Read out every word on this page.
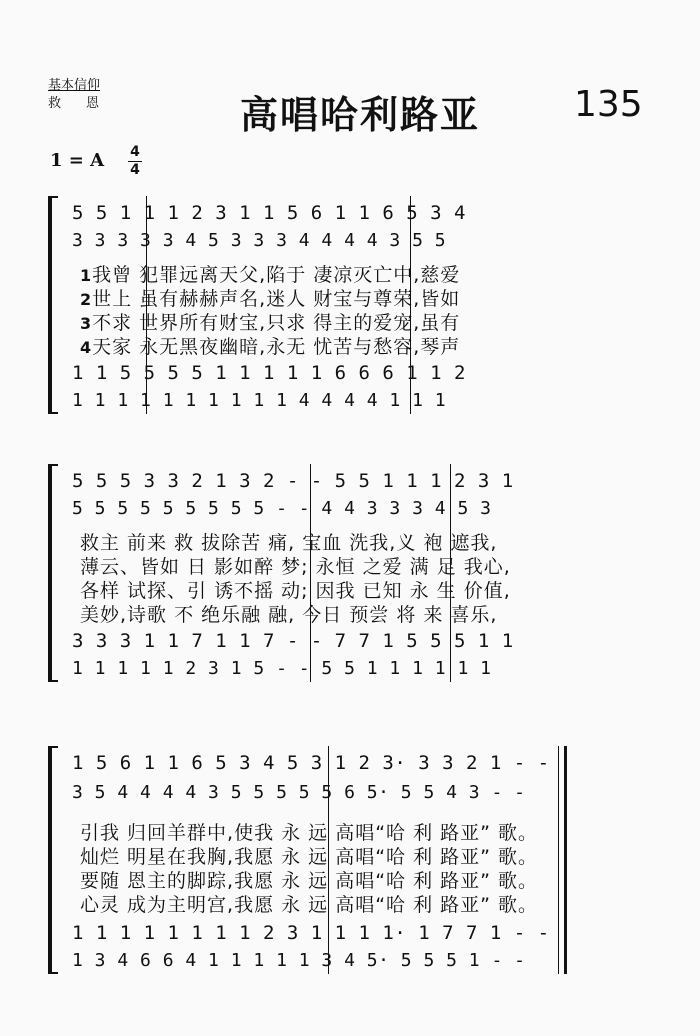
基本信仰
救　恩	高唱哈利路亚	135
1 = A 4
4
5 5 1 1 1 2 3 1 1 5 6 1 1 6 5 3 4
3 3 3 3 3 4 5 3 3 3 4 4 4 4 3 5 5
1我曾 犯罪远离天父,陷于 凄凉灭亡中,慈爱
2世上 虽有赫赫声名,迷人 财宝与尊荣,皆如
3不求 世界所有财宝,只求 得主的爱宠,虽有
4天家 永无黑夜幽暗,永无 忧苦与愁容,琴声
1 1 5 5 5 5 1 1 1 1 1 6 6 6 1 1 2
1 1 1 1 1 1 1 1 1 1 4 4 4 4 1 1 1
5 5 5 3 3 2 1 3 2 - - 5 5 1 1 1 2 3 1
5 5 5 5 5 5 5 5 5 - - 4 4 3 3 3 4 5 3
救主 前来 救 拔除苦 痛, 宝血 洗我,义 袍 遮我,
薄云、皆如 日 影如醉 梦; 永恒 之爱 满 足 我心,
各样 试探、引 诱不摇 动; 因我 已知 永 生 价值,
美妙,诗歌 不 绝乐融 融, 今日 预尝 将 来 喜乐,
3 3 3 1 1 7 1 1 7 - - 7 7 1 5 5 5 1 1
1 1 1 1 1 2 3 1 5 - - 5 5 1 1 1 1 1 1
1 5 6 1 1 6 5 3 4 5 3 1 2 3· 3 3 2 1 - -
3 5 4 4 4 4 3 5 5 5 5 5 6 5· 5 5 4 3 - -
引我 归回羊群中,使我 永 远 高唱“哈 利 路亚” 歌。
灿烂 明星在我胸,我愿 永 远 高唱“哈 利 路亚” 歌。
要随 恩主的脚踪,我愿 永 远 高唱“哈 利 路亚” 歌。
心灵 成为主明宫,我愿 永 远 高唱“哈 利 路亚” 歌。
1 1 1 1 1 1 1 1 2 3 1 1 1 1· 1 7 7 1 - -
1 3 4 6 6 4 1 1 1 1 1 3 4 5· 5 5 5 1 - -
